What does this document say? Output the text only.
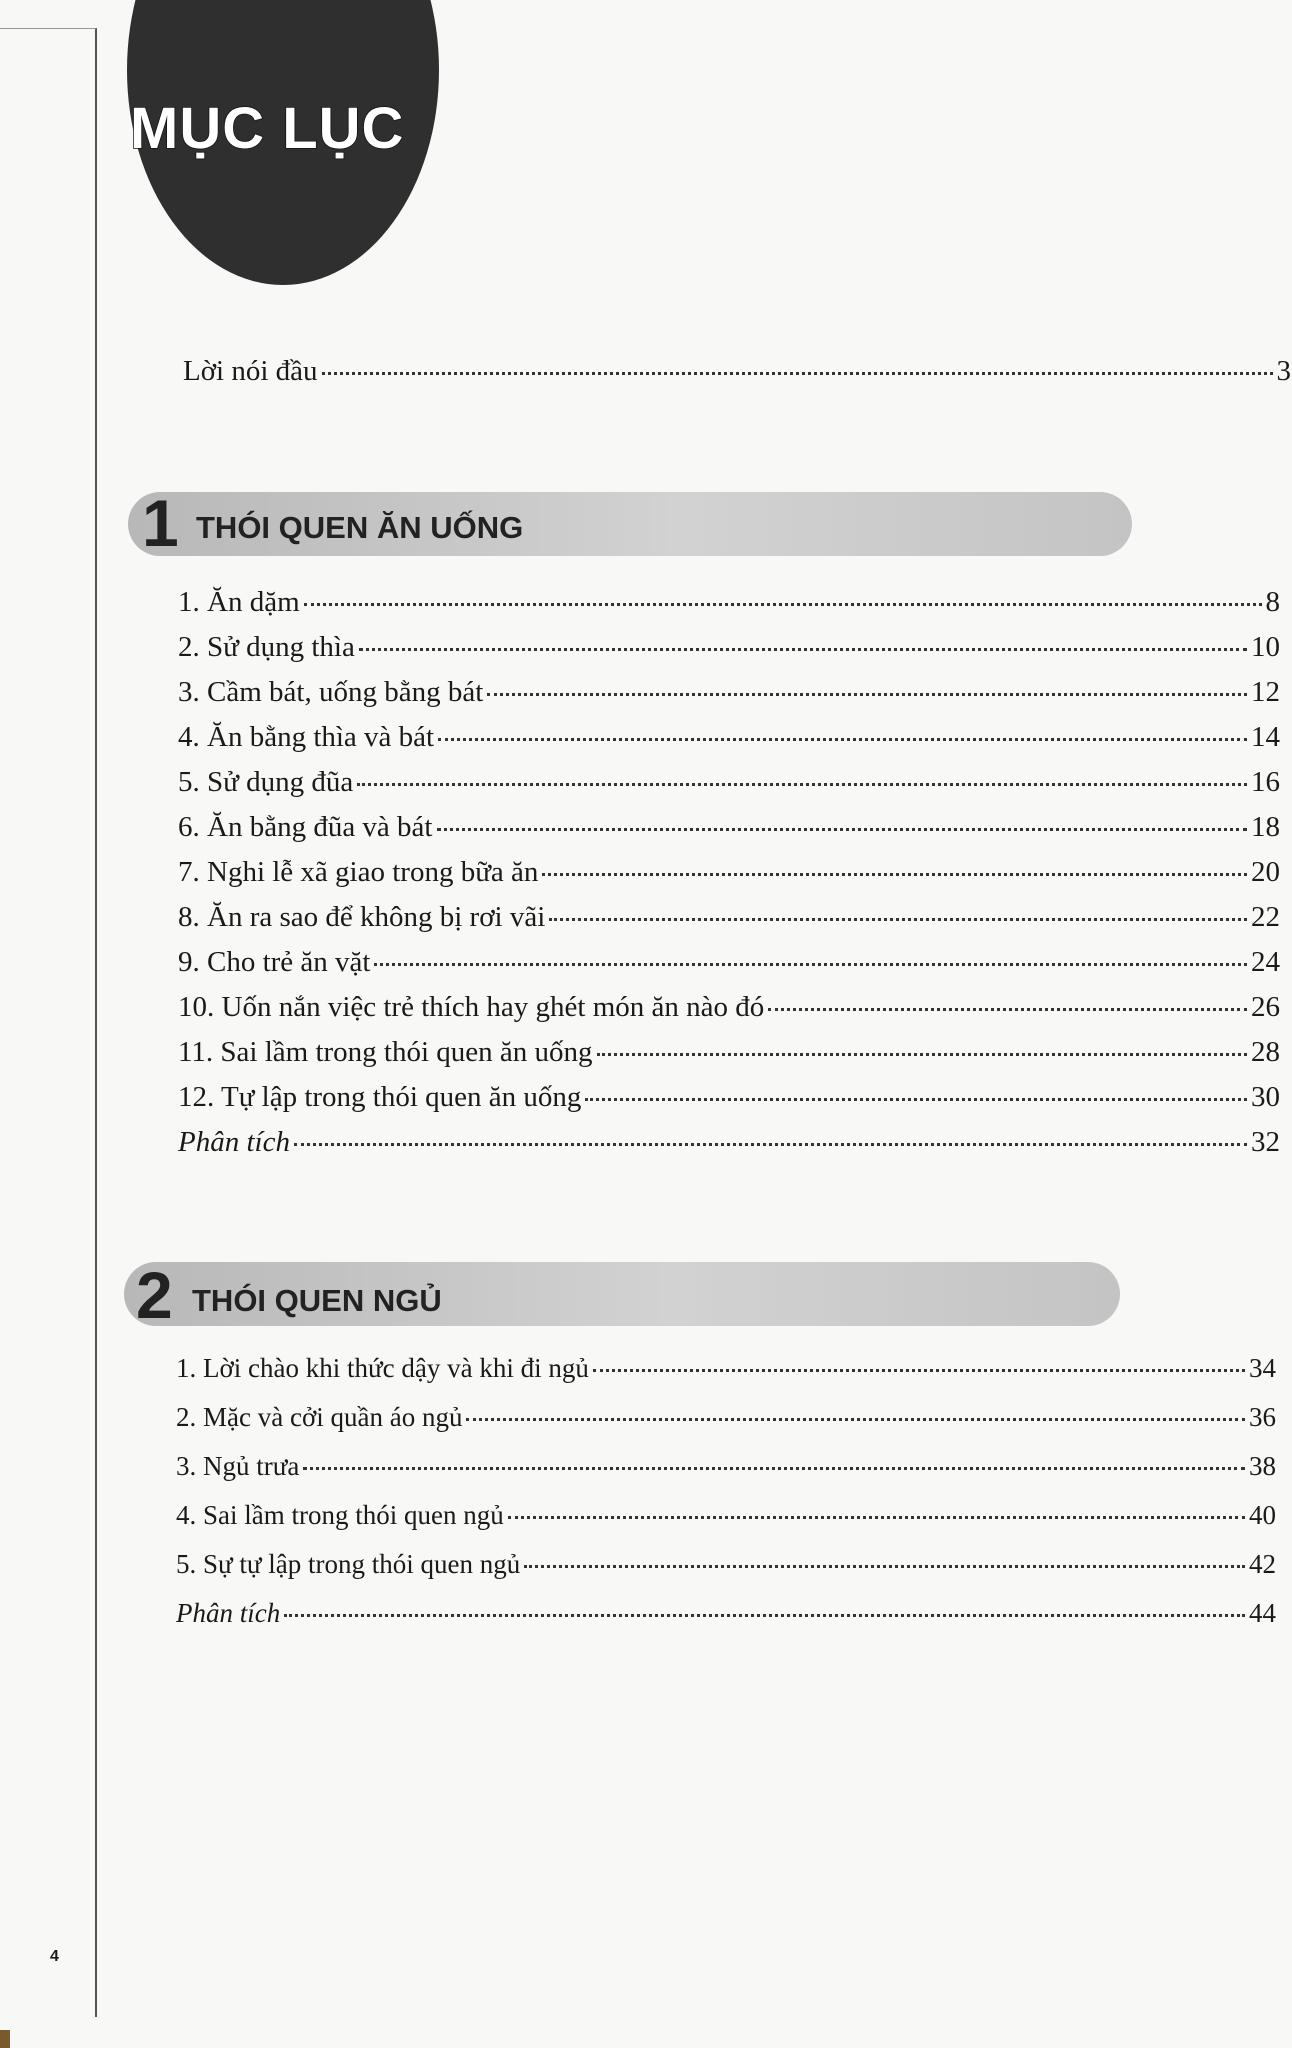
MỤC LỤC
Lời nói đầu	3
1 THÓI QUEN ĂN UỐNG
1. Ăn dặm	8
2. Sử dụng thìa	10
3. Cầm bát, uống bằng bát	12
4. Ăn bằng thìa và bát	14
5. Sử dụng đũa	16
6. Ăn bằng đũa và bát	18
7. Nghi lễ xã giao trong bữa ăn	20
8. Ăn ra sao để không bị rơi vãi	22
9. Cho trẻ ăn vặt	24
10. Uốn nắn việc trẻ thích hay ghét món ăn nào đó	26
11. Sai lầm trong thói quen ăn uống	28
12. Tự lập trong thói quen ăn uống	30
Phân tích	32
2 THÓI QUEN NGỦ
1. Lời chào khi thức dậy và khi đi ngủ	34
2. Mặc và cởi quần áo ngủ	36
3. Ngủ trưa	38
4. Sai lầm trong thói quen ngủ	40
5. Sự tự lập trong thói quen ngủ	42
Phân tích	44
4
